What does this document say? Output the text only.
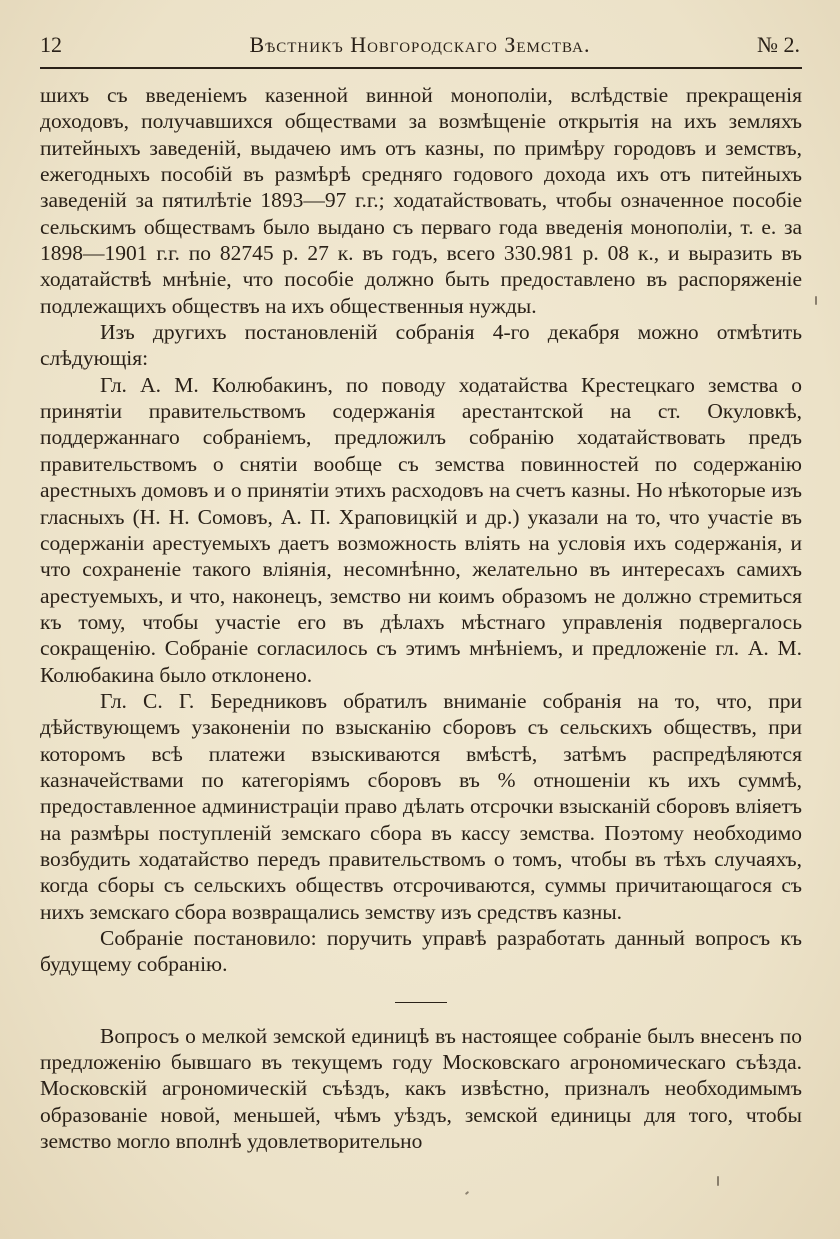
12	Вѣстникъ Новгородскаго Земства.	№ 2.

шихъ съ введеніемъ казенной винной монополіи, вслѣдствіе прекращенія доходовъ, получавшихся обществами за возмѣщеніе открытія на ихъ земляхъ питейныхъ заведеній, выдачею имъ отъ казны, по примѣру городовъ и земствъ, ежегодныхъ пособій въ размѣрѣ средняго годового дохода ихъ отъ питейныхъ заведеній за пятилѣтіе 1893—97 г.г.; ходатайствовать, чтобы означенное пособіе сельскимъ обществамъ было выдано съ перваго года введенія монополіи, т. е. за 1898—1901 г.г. по 82745 р. 27 к. въ годъ, всего 330.981 р. 08 к., и выразить въ ходатайствѣ мнѣніе, что пособіе должно быть предоставлено въ распоряженіе подлежащихъ обществъ на ихъ общественныя нужды.

Изъ другихъ постановленій собранія 4-го декабря можно отмѣтить слѣдующія:

Гл. А. М. Колюбакинъ, по поводу ходатайства Крестецкаго земства о принятіи правительствомъ содержанія арестантской на ст. Окуловкѣ, поддержаннаго собраніемъ, предложилъ собранію ходатайствовать предъ правительствомъ о снятіи вообще съ земства повинностей по содержанію арестныхъ домовъ и о принятіи этихъ расходовъ на счетъ казны. Но нѣкоторые изъ гласныхъ (Н. Н. Сомовъ, А. П. Храповицкій и др.) указали на то, что участіе въ содержаніи арестуемыхъ даетъ возможность вліять на условія ихъ содержанія, и что сохраненіе такого вліянія, несомнѣнно, желательно въ интересахъ самихъ арестуемыхъ, и что, наконецъ, земство ни коимъ образомъ не должно стремиться къ тому, чтобы участіе его въ дѣлахъ мѣстнаго управленія подвергалось сокращенію. Собраніе согласилось съ этимъ мнѣніемъ, и предложеніе гл. А. М. Колюбакина было отклонено.

Гл. С. Г. Бередниковъ обратилъ вниманіе собранія на то, что, при дѣйствующемъ узаконеніи по взысканію сборовъ съ сельскихъ обществъ, при которомъ всѣ платежи взыскиваются вмѣстѣ, затѣмъ распредѣляются казначействами по категоріямъ сборовъ въ % отношеніи къ ихъ суммѣ, предоставленное администраціи право дѣлать отсрочки взысканій сборовъ вліяетъ на размѣры поступленій земскаго сбора въ кассу земства. Поэтому необходимо возбудить ходатайство передъ правительствомъ о томъ, чтобы въ тѣхъ случаяхъ, когда сборы съ сельскихъ обществъ отсрочиваются, суммы причитающагося съ нихъ земскаго сбора возвращались земству изъ средствъ казны.

Собраніе постановило: поручить управѣ разработать данный вопросъ къ будущему собранію.

Вопросъ о мелкой земской единицѣ въ настоящее собраніе былъ внесенъ по предложенію бывшаго въ текущемъ году Московскаго агрономическаго съѣзда. Московскій агрономическій съѣздъ, какъ извѣстно, призналъ необходимымъ образованіе новой, меньшей, чѣмъ уѣздъ, земской единицы для того, чтобы земство могло вполнѣ удовлетворительно
